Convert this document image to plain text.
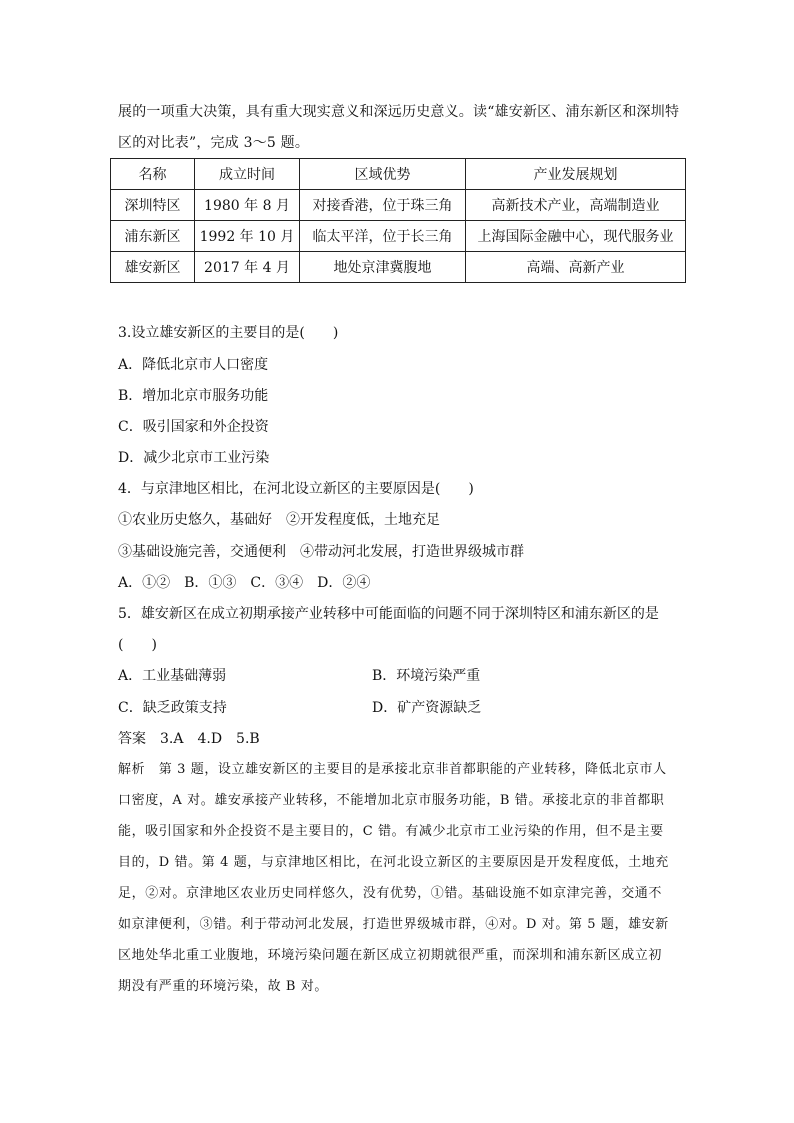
展的一项重大决策，具有重大现实意义和深远历史意义。读“雄安新区、浦东新区和深圳特
区的对比表”，完成 3～5 题。
名称	成立时间	区域优势	产业发展规划
深圳特区	1980 年 8 月	对接香港，位于珠三角	高新技术产业，高端制造业
浦东新区	1992 年 10 月	临太平洋，位于长三角	上海国际金融中心，现代服务业
雄安新区	2017 年 4 月	地处京津冀腹地	高端、高新产业
3.设立雄安新区的主要目的是(　　)
A．降低北京市人口密度
B．增加北京市服务功能
C．吸引国家和外企投资
D．减少北京市工业污染
4．与京津地区相比，在河北设立新区的主要原因是(　　)
①农业历史悠久，基础好　②开发程度低，土地充足
③基础设施完善，交通便利　④带动河北发展，打造世界级城市群
A．①②　B．①③　C．③④　D．②④
5．雄安新区在成立初期承接产业转移中可能面临的问题不同于深圳特区和浦东新区的是
(　　)
A．工业基础薄弱	B．环境污染严重
C．缺乏政策支持	D．矿产资源缺乏
答案　3.A　4.D　5.B
解析　第 3 题，设立雄安新区的主要目的是承接北京非首都职能的产业转移，降低北京市人
口密度，A 对。雄安承接产业转移，不能增加北京市服务功能，B 错。承接北京的非首都职
能，吸引国家和外企投资不是主要目的，C 错。有减少北京市工业污染的作用，但不是主要
目的，D 错。第 4 题，与京津地区相比，在河北设立新区的主要原因是开发程度低，土地充
足，②对。京津地区农业历史同样悠久，没有优势，①错。基础设施不如京津完善，交通不
如京津便利，③错。利于带动河北发展，打造世界级城市群，④对。D 对。第 5 题，雄安新
区地处华北重工业腹地，环境污染问题在新区成立初期就很严重，而深圳和浦东新区成立初
期没有严重的环境污染，故 B 对。
